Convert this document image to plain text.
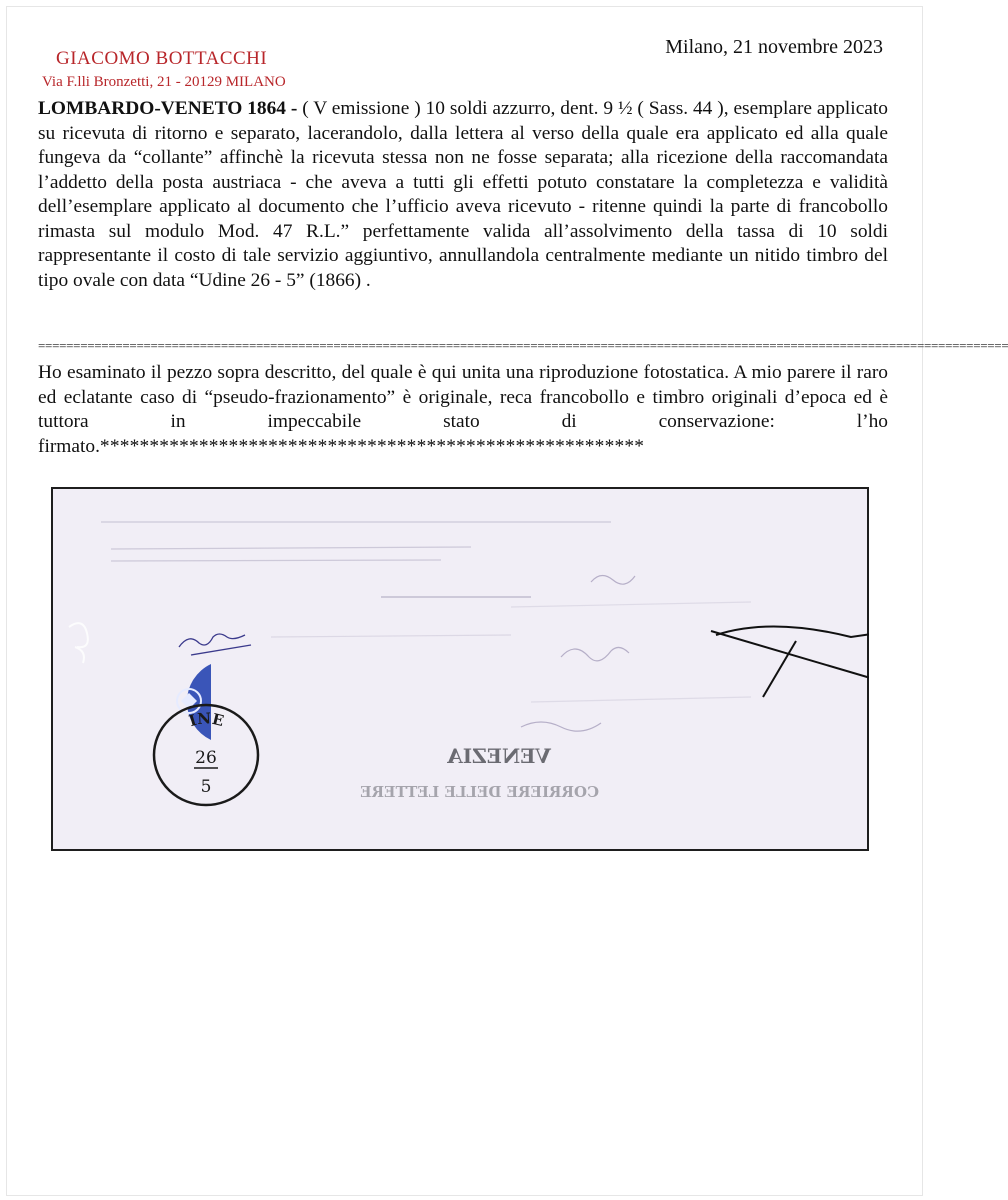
GIACOMO BOTTACCHI
Via F.lli Bronzetti, 21 - 20129 MILANO
Milano, 21 novembre 2023
LOMBARDO-VENETO 1864 - ( V emissione ) 10 soldi azzurro, dent. 9 ½ ( Sass. 44 ), esemplare applicato su ricevuta di ritorno e separato, lacerandolo, dalla lettera al verso della quale era applicato ed alla quale fungeva da “collante” affinchè la ricevuta stessa non ne fosse separata; alla ricezione della raccomandata l’addetto della posta austriaca - che aveva a tutti gli effetti potuto constatare la completezza e validità dell’esemplare applicato al documento che l’ufficio aveva ricevuto - ritenne quindi la parte di francobollo rimasta sul modulo Mod. 47 R.L.” perfettamente valida all’assolvimento della tassa di 10 soldi rappresentante il costo di tale servizio aggiuntivo, annullandola centralmente mediante un nitido timbro del tipo ovale con data “Udine 26 - 5” (1866) .
==========================================================================================================================================
Ho esaminato il pezzo sopra descritto, del quale è qui unita una riproduzione fotostatica. A mio parere il raro ed eclatante caso di “pseudo-frazionamento” è originale, reca francobollo e timbro originali d’epoca ed è tuttora in impeccabile stato di conservazione: l’ho firmato.*******************************************************
INE
26
5
VENEZIA
CORRIERE DELLE LETTERE
